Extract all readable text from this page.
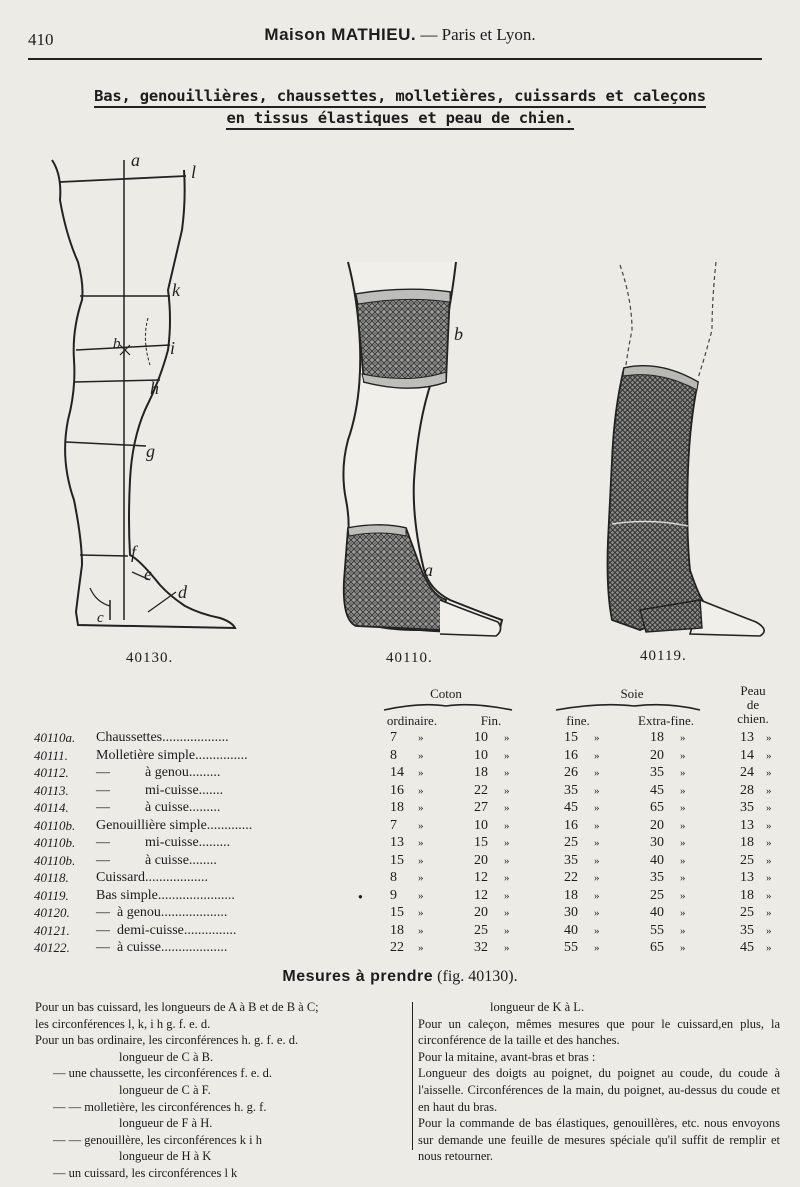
410	Maison MATHIEU. — Paris et Lyon.
Bas, genouillières, chaussettes, molletières, cuissards et caleçons
en tissus élastiques et peau de chien.
a
l
k
b	i
h
g
f
e
d
c
b
a
40130.	40110.	40119.
Coton	Soie	Peau
de
chien.
ordinaire.	Fin.	fine.	Extra-fine.
40110a. Chaussettes...................	7 »	10 »	15 »	18 »	13 »
40111. Molletière simple...............	8 »	10 »	16 »	20 »	14 »
40112. —          à genou.........	14 »	18 »	26 »	35 »	24 »
40113. —          mi-cuisse.......	16 »	22 »	35 »	45 »	28 »
40114. —          à cuisse.........	18 »	27 »	45 »	65 »	35 »
40110b. Genouillière simple.............	7 »	10 »	16 »	20 »	13 »
40110b. —          mi-cuisse.........	13 »	15 »	25 »	30 »	18 »
40110b. —          à cuisse........	15 »	20 »	35 »	40 »	25 »
40118. Cuissard..................	8 »	12 »	22 »	35 »	13 »
40119. Bas simple......................	9 »	12 »	18 »	25 »	18 »
40120. —  à genou...................	15 »	20 »	30 »	40 »	25 »
40121. —  demi-cuisse...............	18 »	25 »	40 »	55 »	35 »
40122. —  à cuisse...................	22 »	32 »	55 »	65 »	45 »
●
Mesures à prendre (fig. 40130).
Pour un bas cuissard, les longueurs de A à B et de B à C;
les circonférences l, k, i h g. f. e. d.
Pour un bas ordinaire, les circonférences h. g. f. e. d.
longueur de C à B.
— une chaussette, les circonférences f. e. d.
longueur de C à F.
— — molletière, les circonférences h. g. f.
longueur de F à H.
— — genouillère, les circonférences k i h
longueur de H à K
— un cuissard, les circonférences l k
longueur de K à L.
Pour un caleçon, mêmes mesures que pour le cuissard,en plus, la circonférence de la taille et des hanches.
Pour la mitaine, avant-bras et bras :
Longueur des doigts au poignet, du poignet au coude, du coude à l'aisselle. Circonférences de la main, du poignet, au-dessus du coude et en haut du bras.
Pour la commande de bas élastiques, genouillères, etc. nous envoyons sur demande une feuille de mesures spéciale qu'il suffit de remplir et nous retourner.
